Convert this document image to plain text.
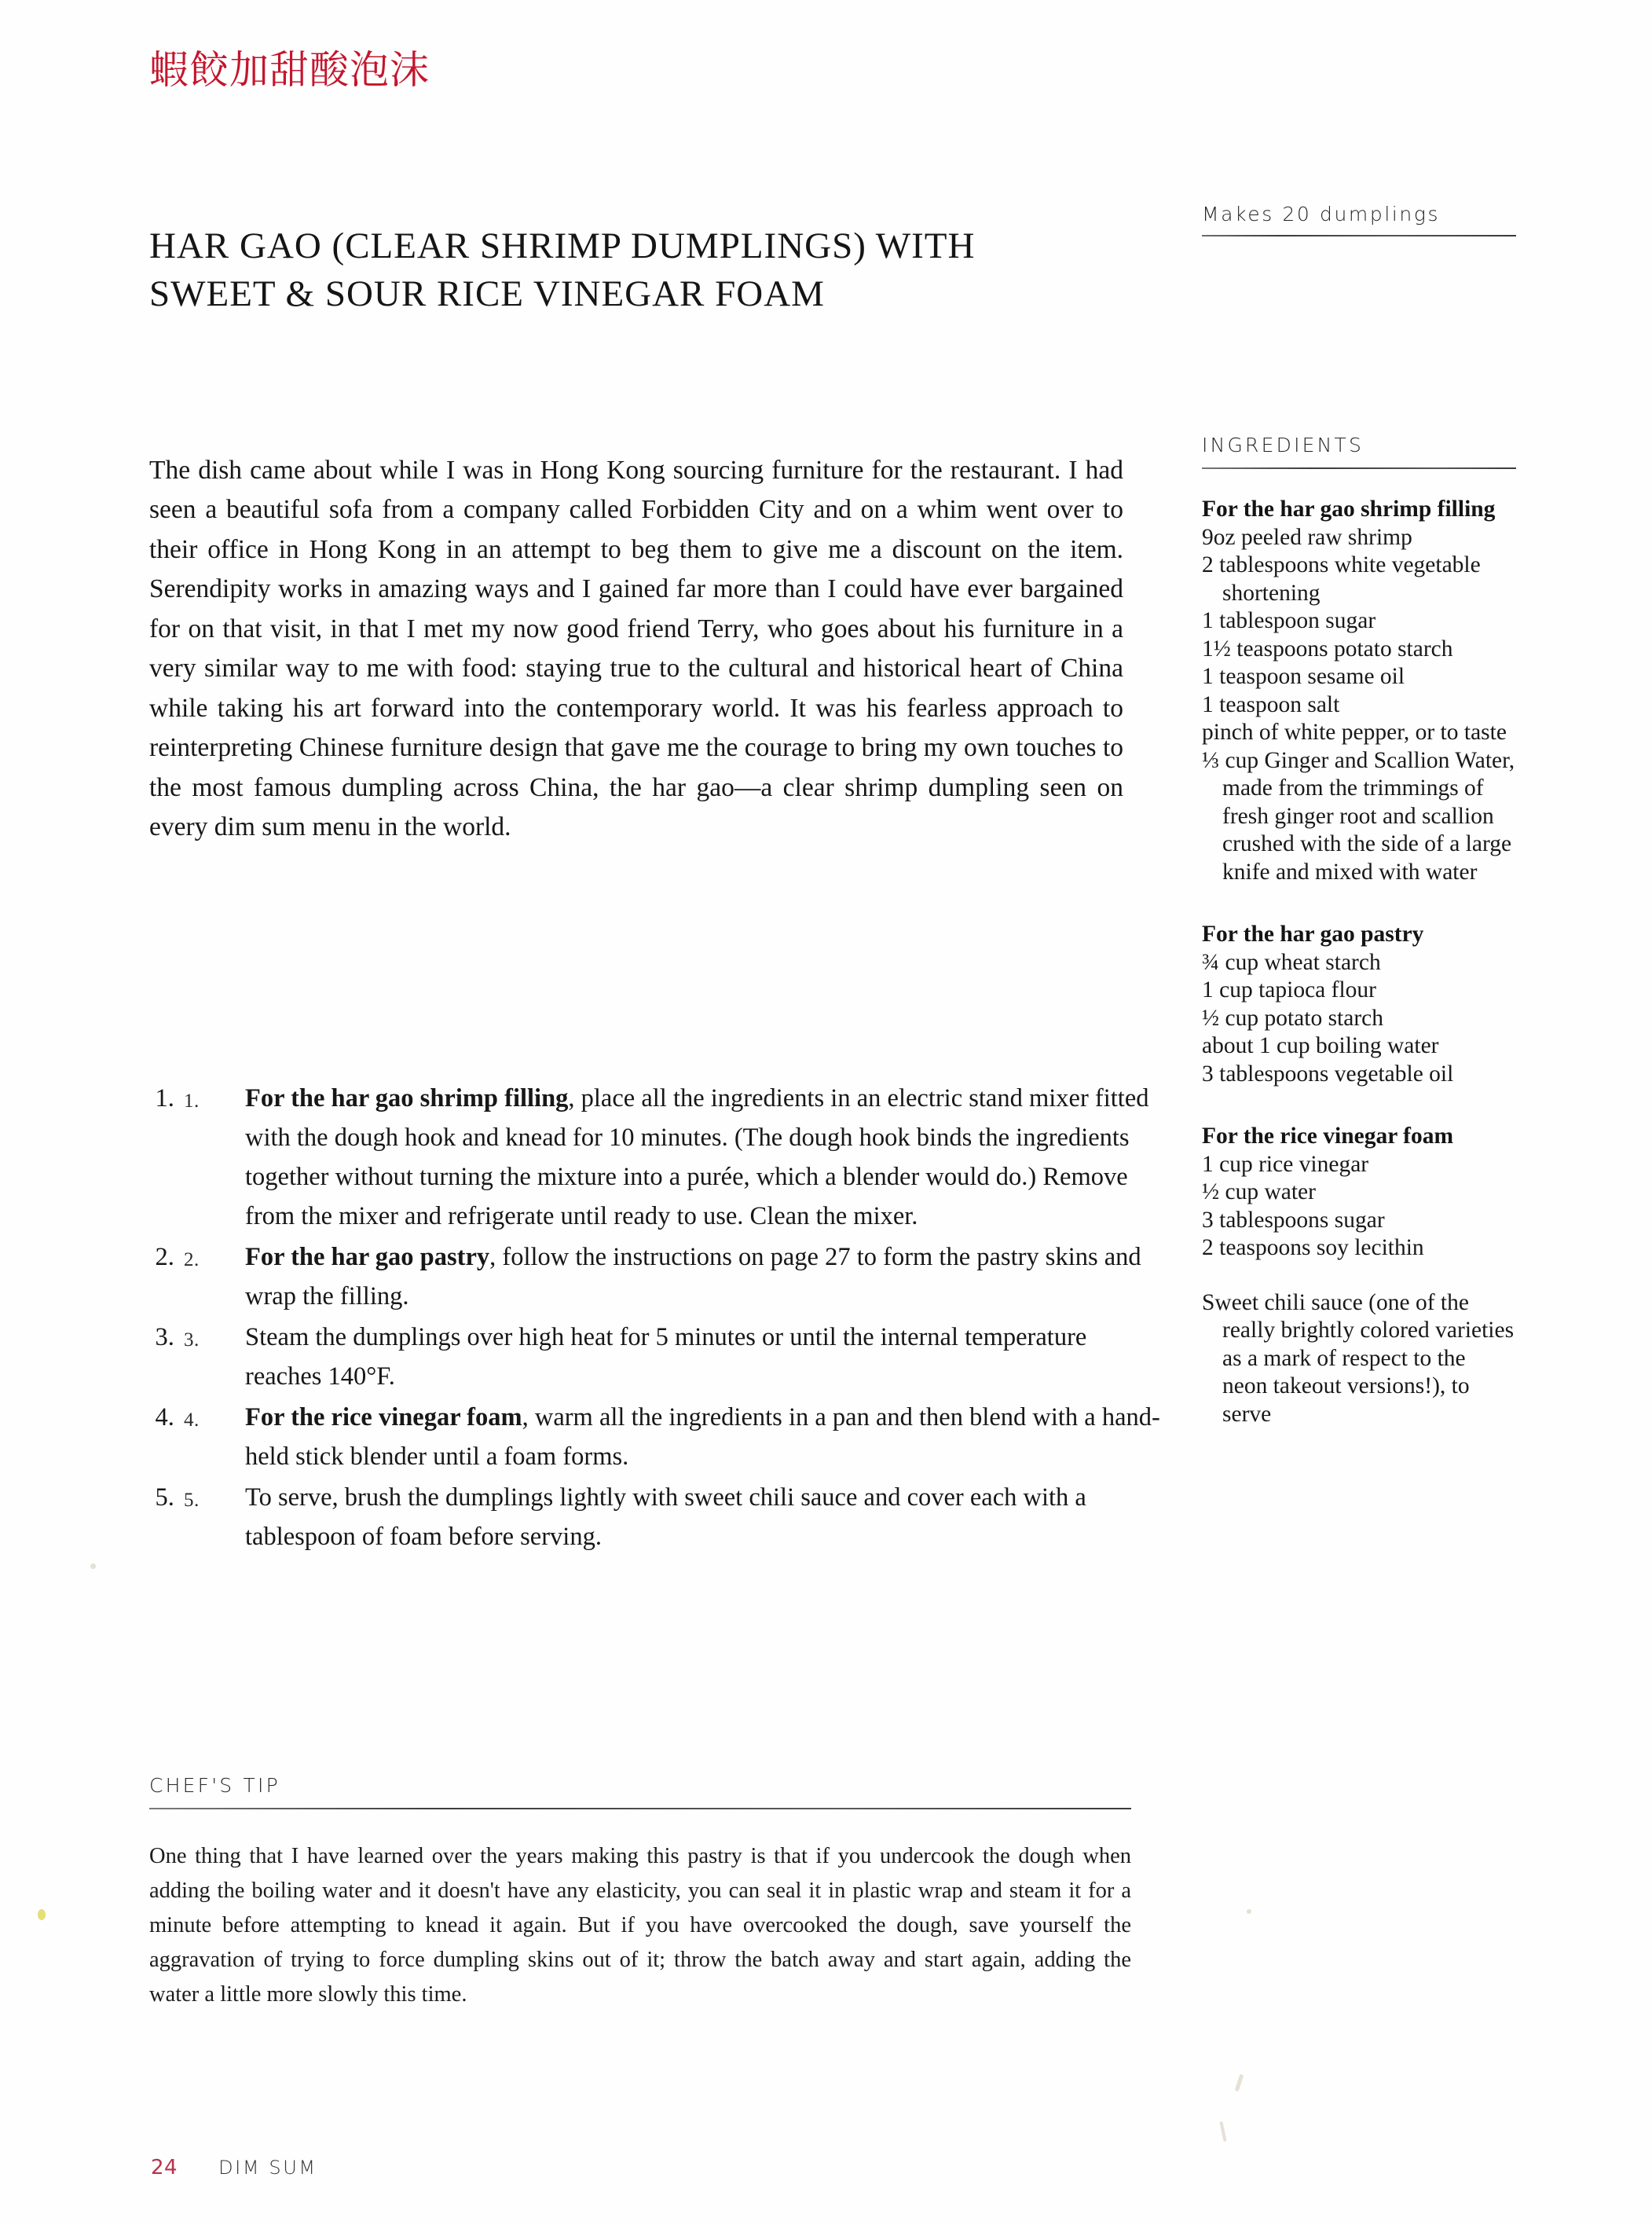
蝦餃加甜酸泡沫
HAR GAO (CLEAR SHRIMP DUMPLINGS) WITH
SWEET & SOUR RICE VINEGAR FOAM
Makes 20 dumplings

The dish came about while I was in Hong Kong sourcing furniture for the restaurant. I had seen a beautiful sofa from a company called Forbidden City and on a whim went over to their office in Hong Kong in an attempt to beg them to give me a discount on the item. Serendipity works in amazing ways and I gained far more than I could have ever bargained for on that visit, in that I met my now good friend Terry, who goes about his furniture in a very similar way to me with food: staying true to the cultural and historical heart of China while taking his art forward into the contemporary world. It was his fearless approach to reinterpreting Chinese furniture design that gave me the courage to bring my own touches to the most famous dumpling across China, the har gao—a clear shrimp dumpling seen on every dim sum menu in the world.

1. 1. For the har gao shrimp filling, place all the ingredients in an electric stand mixer fitted with the dough hook and knead for 10 minutes. (The dough hook binds the ingredients together without turning the mixture into a purée, which a blender would do.) Remove from the mixer and refrigerate until ready to use. Clean the mixer.
2. 2. For the har gao pastry, follow the instructions on page 27 to form the pastry skins and wrap the filling.
3. 3. Steam the dumplings over high heat for 5 minutes or until the internal temperature reaches 140°F.
4. 4. For the rice vinegar foam, warm all the ingredients in a pan and then blend with a hand-held stick blender until a foam forms.
5. 5. To serve, brush the dumplings lightly with sweet chili sauce and cover each with a tablespoon of foam before serving.
CHEF'S TIP

One thing that I have learned over the years making this pastry is that if you undercook the dough when adding the boiling water and it doesn't have any elasticity, you can seal it in plastic wrap and steam it for a minute before attempting to knead it again. But if you have overcooked the dough, save yourself the aggravation of trying to force dumpling skins out of it; throw the batch away and start again, adding the water a little more slowly this time.

INGREDIENTS
For the har gao shrimp filling
9oz peeled raw shrimp
2 tablespoons white vegetable shortening
1 tablespoon sugar
1½ teaspoons potato starch
1 teaspoon sesame oil
1 teaspoon salt
pinch of white pepper, or to taste
⅓ cup Ginger and Scallion Water, made from the trimmings of fresh ginger root and scallion crushed with the side of a large knife and mixed with water
For the har gao pastry
¾ cup wheat starch
1 cup tapioca flour
½ cup potato starch
about 1 cup boiling water
3 tablespoons vegetable oil
For the rice vinegar foam
1 cup rice vinegar
½ cup water
3 tablespoons sugar
2 teaspoons soy lecithin
Sweet chili sauce (one of the really brightly colored varieties as a mark of respect to the neon takeout versions!), to serve
24 DIM SUM
